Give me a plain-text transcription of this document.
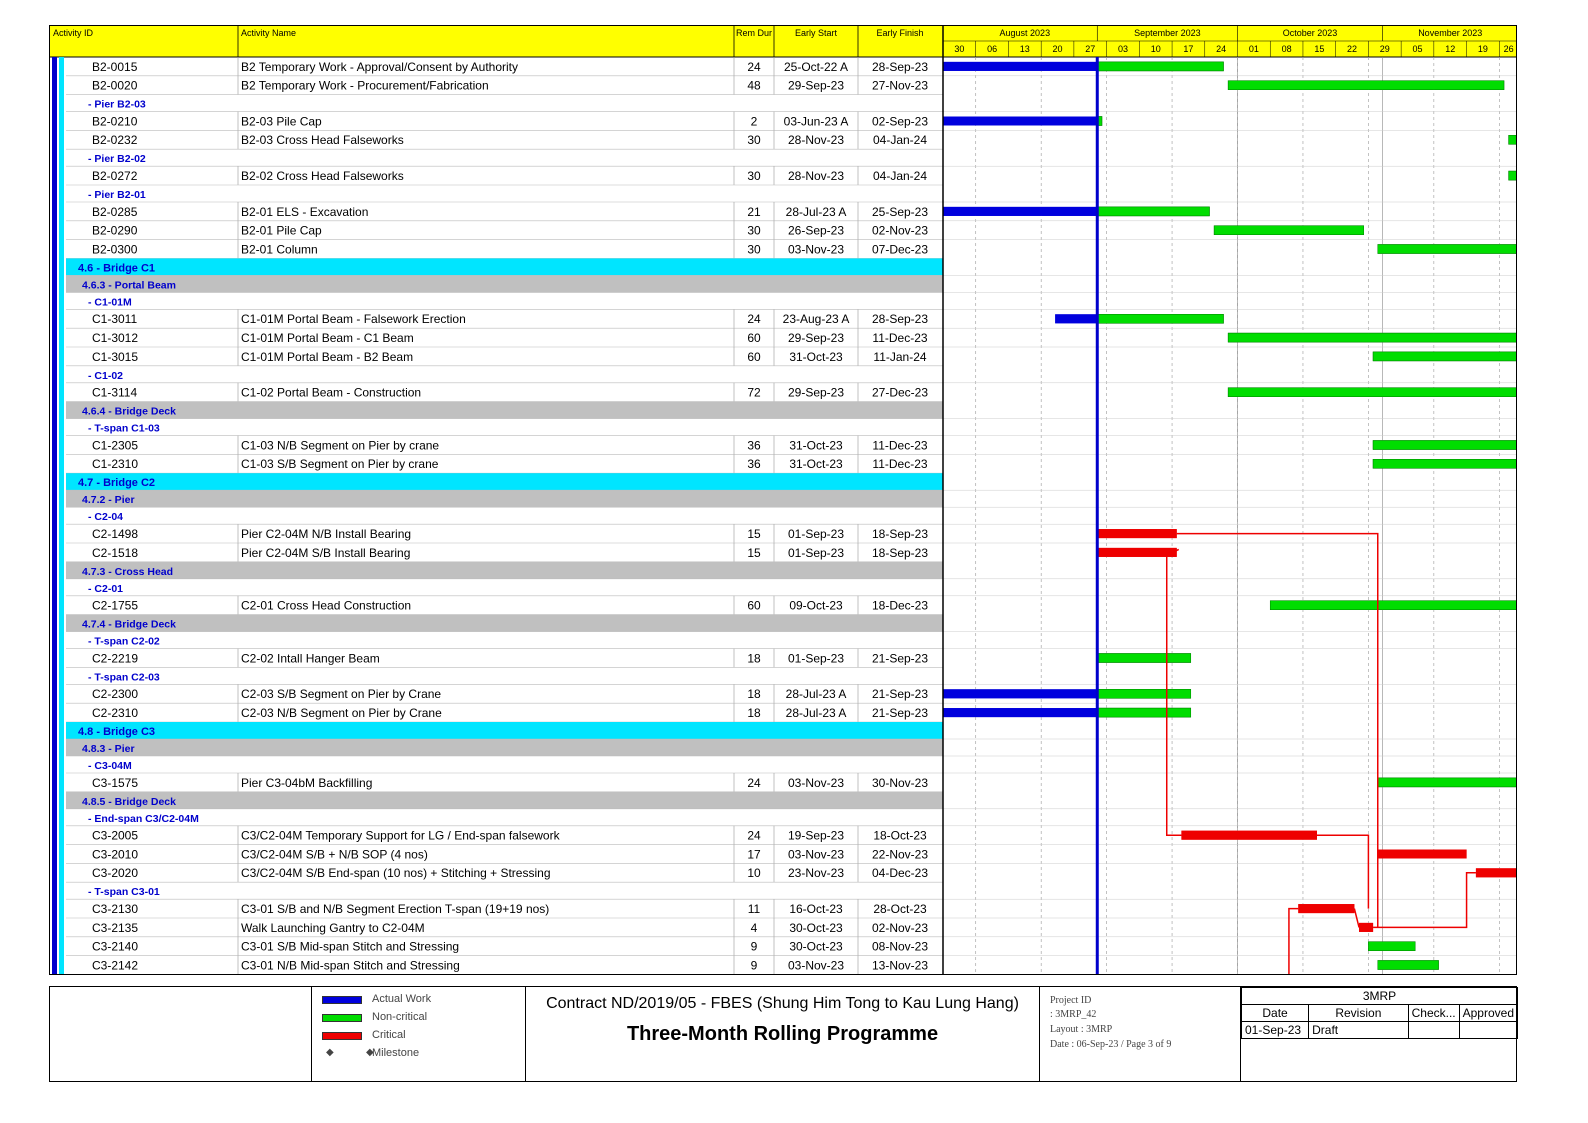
Activity ID	Activity Name	Rem Dur	Early Start	Early Finish	August 2023	September 2023	October 2023	November 2023
30	06	13	20	27	03	10	17	24	01	08	15	22	29	05	12	19 26
B2-0015	B2 Temporary Work - Approval/Consent by Authority	24 25-Oct-22 A 28-Sep-23
B2-0020	B2 Temporary Work - Procurement/Fabrication	48 29-Sep-23 27-Nov-23
- Pier B2-03
B2-0210	B2-03 Pile Cap	2 03-Jun-23 A 02-Sep-23
B2-0232	B2-03 Cross Head Falseworks	30 28-Nov-23 04-Jan-24
- Pier B2-02
B2-0272	B2-02 Cross Head Falseworks	30 28-Nov-23 04-Jan-24
- Pier B2-01
B2-0285	B2-01 ELS - Excavation	21 28-Jul-23 A 25-Sep-23
B2-0290	B2-01 Pile Cap	30 26-Sep-23 02-Nov-23
B2-0300	B2-01 Column	30 03-Nov-23 07-Dec-23
4.6 - Bridge C1
4.6.3 - Portal Beam
- C1-01M
C1-3011	C1-01M Portal Beam - Falsework Erection	24 23-Aug-23 A 28-Sep-23
C1-3012	C1-01M Portal Beam - C1 Beam	60 29-Sep-23 11-Dec-23
C1-3015	C1-01M Portal Beam - B2 Beam	60 31-Oct-23	11-Jan-24
- C1-02
C1-3114	C1-02 Portal Beam - Construction	72 29-Sep-23 27-Dec-23
4.6.4 - Bridge Deck
- T-span C1-03
C1-2305	C1-03 N/B Segment on Pier by crane	36 31-Oct-23 11-Dec-23
C1-2310	C1-03 S/B Segment on Pier by crane	36 31-Oct-23 11-Dec-23
4.7 - Bridge C2
4.7.2 - Pier
- C2-04
C2-1498	Pier C2-04M N/B Install Bearing	15 01-Sep-23 18-Sep-23
C2-1518	Pier C2-04M S/B Install Bearing	15 01-Sep-23 18-Sep-23
4.7.3 - Cross Head
- C2-01
C2-1755	C2-01 Cross Head Construction	60 09-Oct-23 18-Dec-23
4.7.4 - Bridge Deck
- T-span C2-02
C2-2219	C2-02 Intall Hanger Beam	18 01-Sep-23 21-Sep-23
- T-span C2-03
C2-2300	C2-03 S/B Segment on Pier by Crane	18 28-Jul-23 A 21-Sep-23
C2-2310	C2-03 N/B Segment on Pier by Crane	18 28-Jul-23 A 21-Sep-23
4.8 - Bridge C3
4.8.3 - Pier
- C3-04M
C3-1575	Pier C3-04bM Backfilling	24 03-Nov-23 30-Nov-23
4.8.5 - Bridge Deck
- End-span C3/C2-04M
C3-2005	C3/C2-04M Temporary Support for LG / End-span falsework	24 19-Sep-23 18-Oct-23
C3-2010	C3/C2-04M S/B + N/B SOP (4 nos)	17 03-Nov-23 22-Nov-23
C3-2020	C3/C2-04M S/B End-span (10 nos) + Stitching + Stressing	10 23-Nov-23 04-Dec-23
- T-span C3-01
C3-2130	C3-01 S/B and N/B Segment Erection T-span (19+19 nos)	11 16-Oct-23	28-Oct-23
C3-2135	Walk Launching Gantry to C2-04M	4	30-Oct-23 02-Nov-23
C3-2140	C3-01 S/B Mid-span Stitch and Stressing	9	30-Oct-23 08-Nov-23
C3-2142	C3-01 N/B Mid-span Stitch and Stressing	9	03-Nov-23 13-Nov-23
Actual Work
Non-critical
Critical
◆	◆
Milestone
Contract ND/2019/05 - FBES (Shung Him Tong to Kau Lung Hang)
Three-Month Rolling Programme
Project ID
: 3MRP_42
Layout : 3MRP
Date : 06-Sep-23 / Page 3 of 9
3MRP			
Date	Revision	Check...	Approved
01-Sep-23	Draft		
